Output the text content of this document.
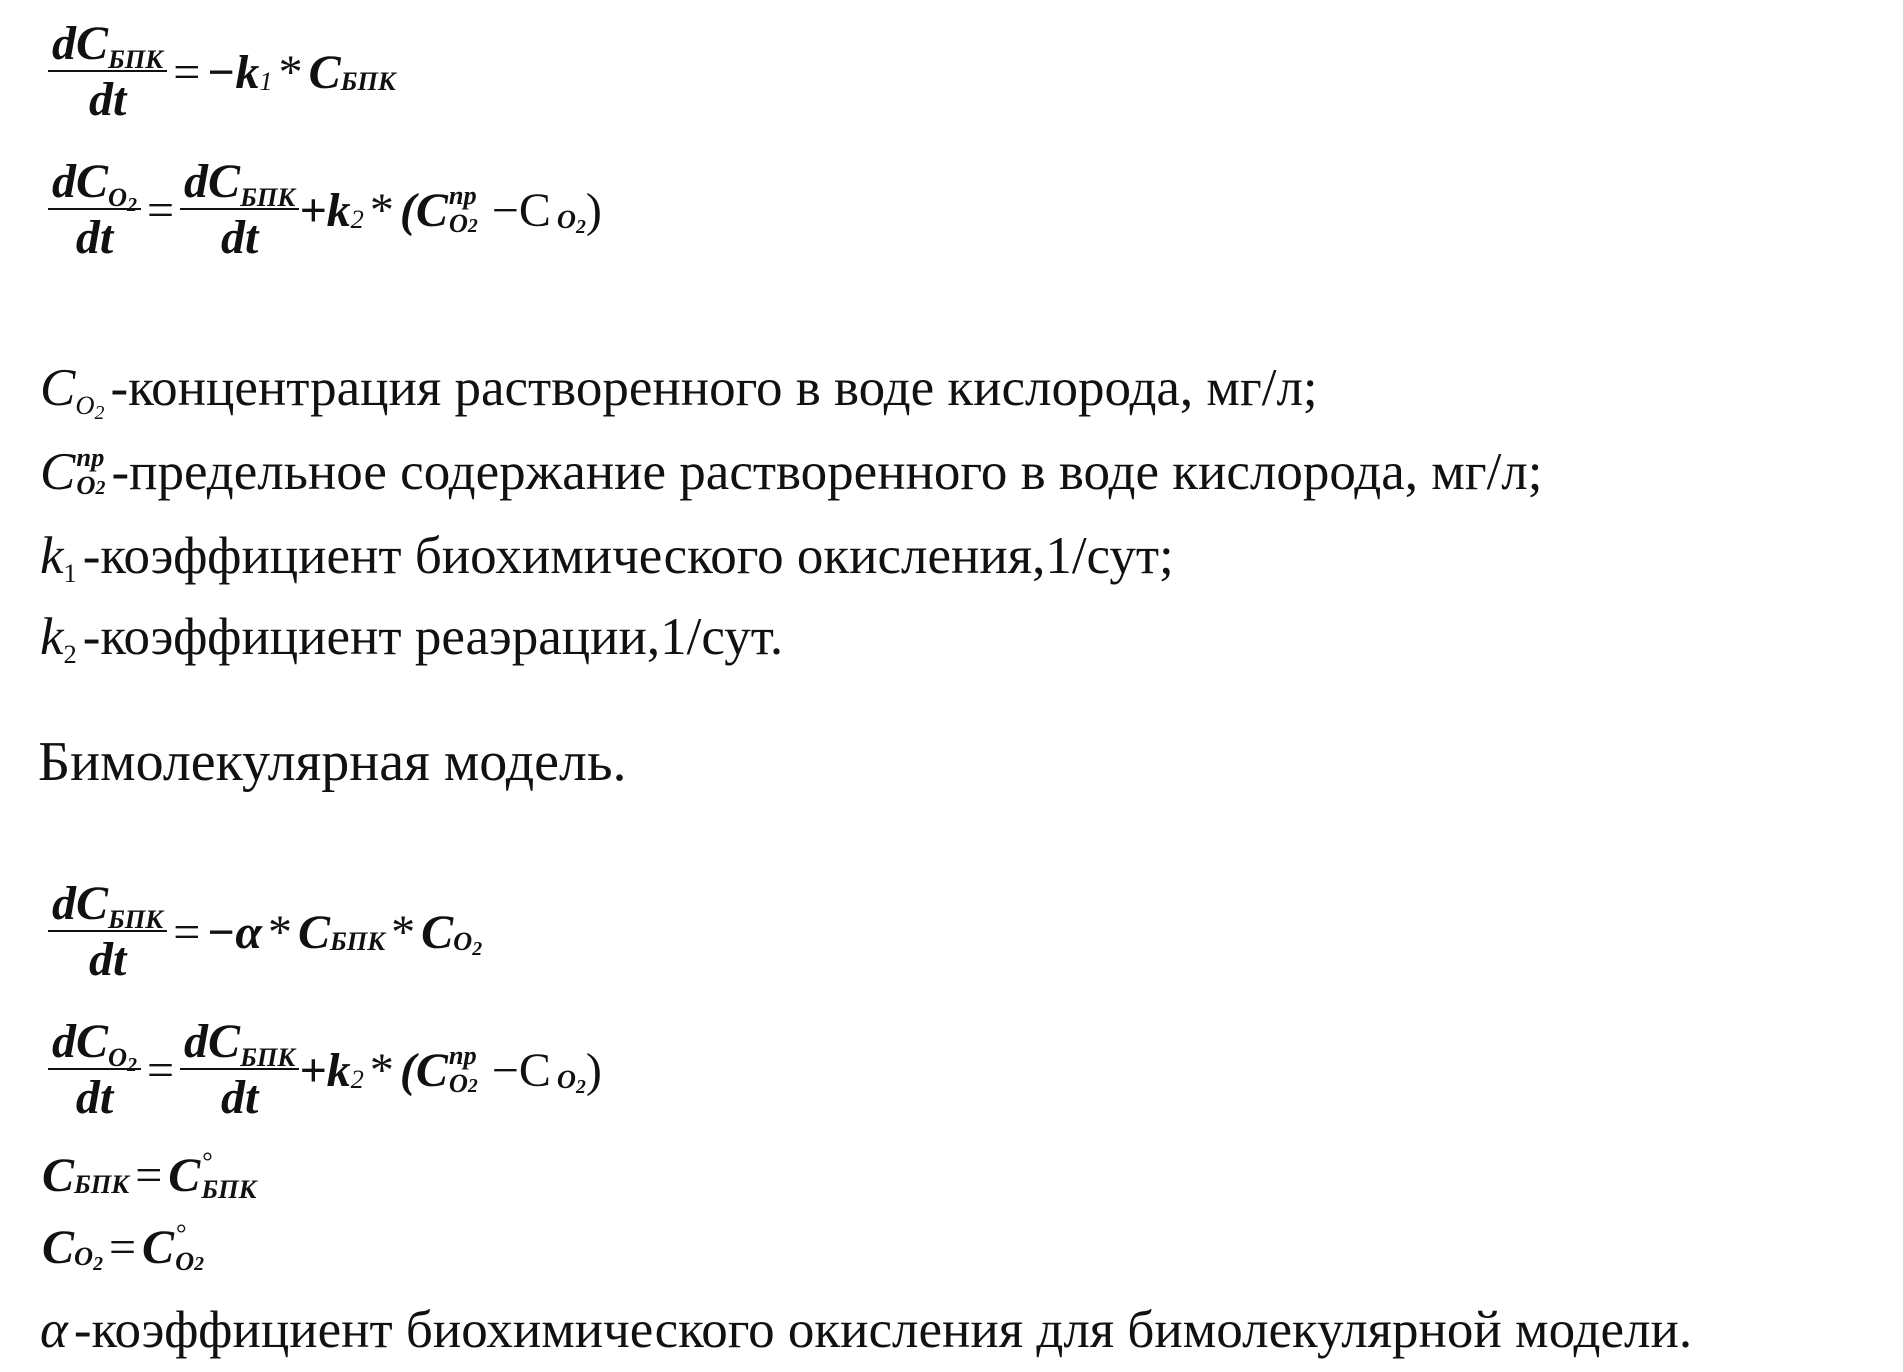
$\frac{\text{dCБПК}}{dt} = -k$ 1 * C БПК
$\frac{\text{dCO2}}{dt} = \frac{\text{dCБПК}}{dt} +k$ 2 * (C пр
O2 −C O2 )
CO2 -концентрация растворенного в воде кислорода, мг/л;
C пр
O2 -предельное содержание растворенного в воде кислорода, мг/л;
k1 -коэффициент биохимического окисления,1/сут;
k2 -коэффициент реаэрации,1/сут.
Бимолекулярная модель.
$\frac{\text{dCБПК}}{dt} = -\alpha * C$ БПК * C O2
$\frac{\text{dCO2}}{dt} = \frac{\text{dCБПК}}{dt} +k$ 2 * (C пр
O2 −C O2 )
C БПК = C °
БПК
C O2 = C °
O2
α -коэффициент биохимического окисления для бимолекулярной модели.
